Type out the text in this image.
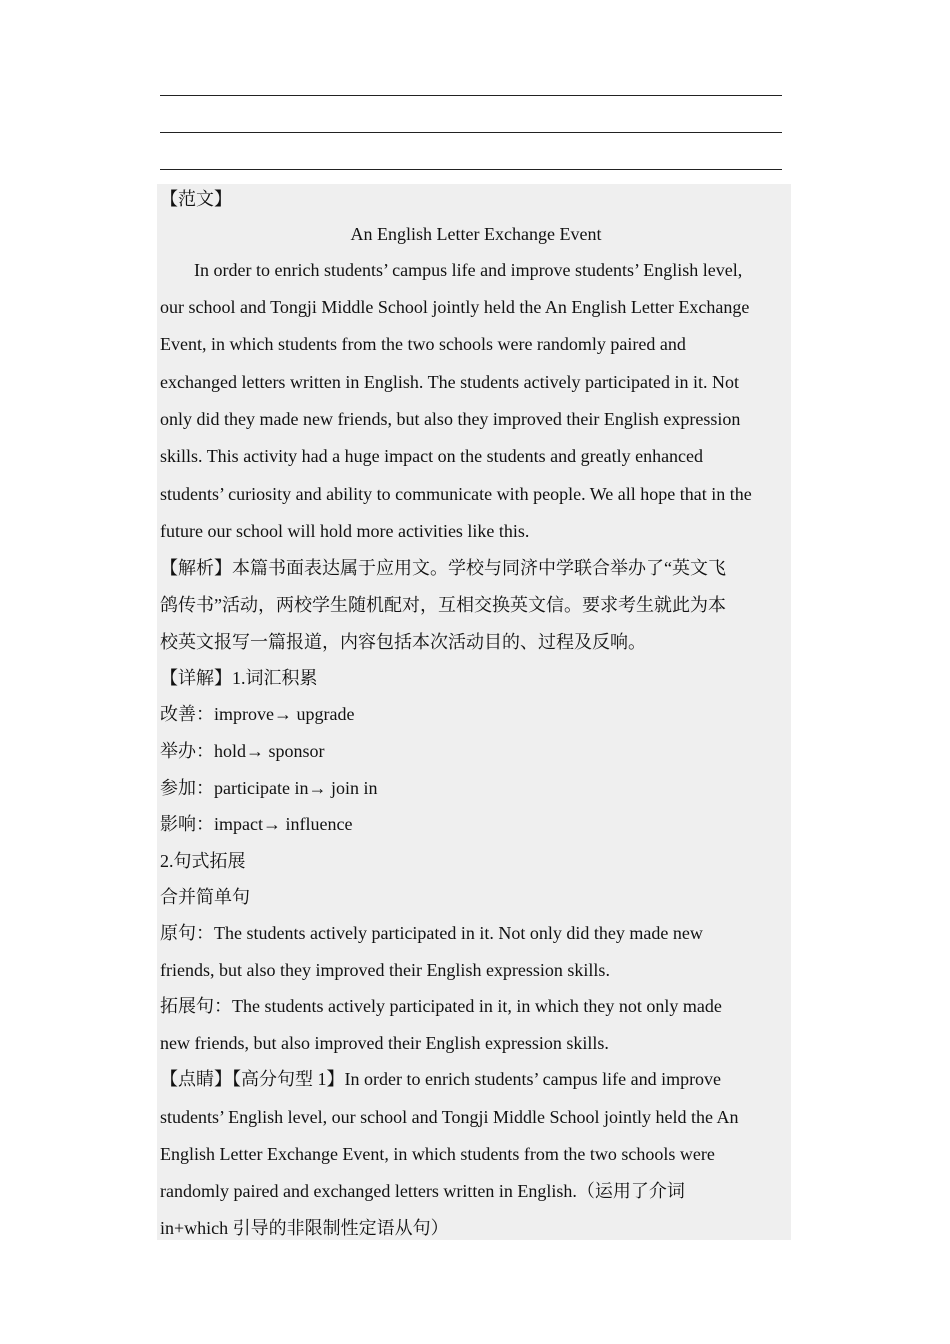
【范文】
An English Letter Exchange Event
In order to enrich students’ campus life and improve students’ English level,
our school and Tongji Middle School jointly held the An English Letter Exchange
Event, in which students from the two schools were randomly paired and
exchanged letters written in English. The students actively participated in it. Not
only did they made new friends, but also they improved their English expression
skills. This activity had a huge impact on the students and greatly enhanced
students’ curiosity and ability to communicate with people. We all hope that in the
future our school will hold more activities like this.
【解析】本篇书面表达属于应用文。学校与同济中学联合举办了“英文飞
鸽传书”活动，两校学生随机配对，互相交换英文信。要求考生就此为本
校英文报写一篇报道，内容包括本次活动目的、过程及反响。
【详解】1.词汇积累
改善：improve→ upgrade
举办：hold→ sponsor
参加：participate in→ join in
影响：impact→ influence
2.句式拓展
合并简单句
原句：The students actively participated in it. Not only did they made new
friends, but also they improved their English expression skills.
拓展句：The students actively participated in it, in which they not only made
new friends, but also improved their English expression skills.
【点睛】【高分句型 1】In order to enrich students’ campus life and improve
students’ English level, our school and Tongji Middle School jointly held the An
English Letter Exchange Event, in which students from the two schools were
randomly paired and exchanged letters written in English.（运用了介词
in+which 引导的非限制性定语从句）
